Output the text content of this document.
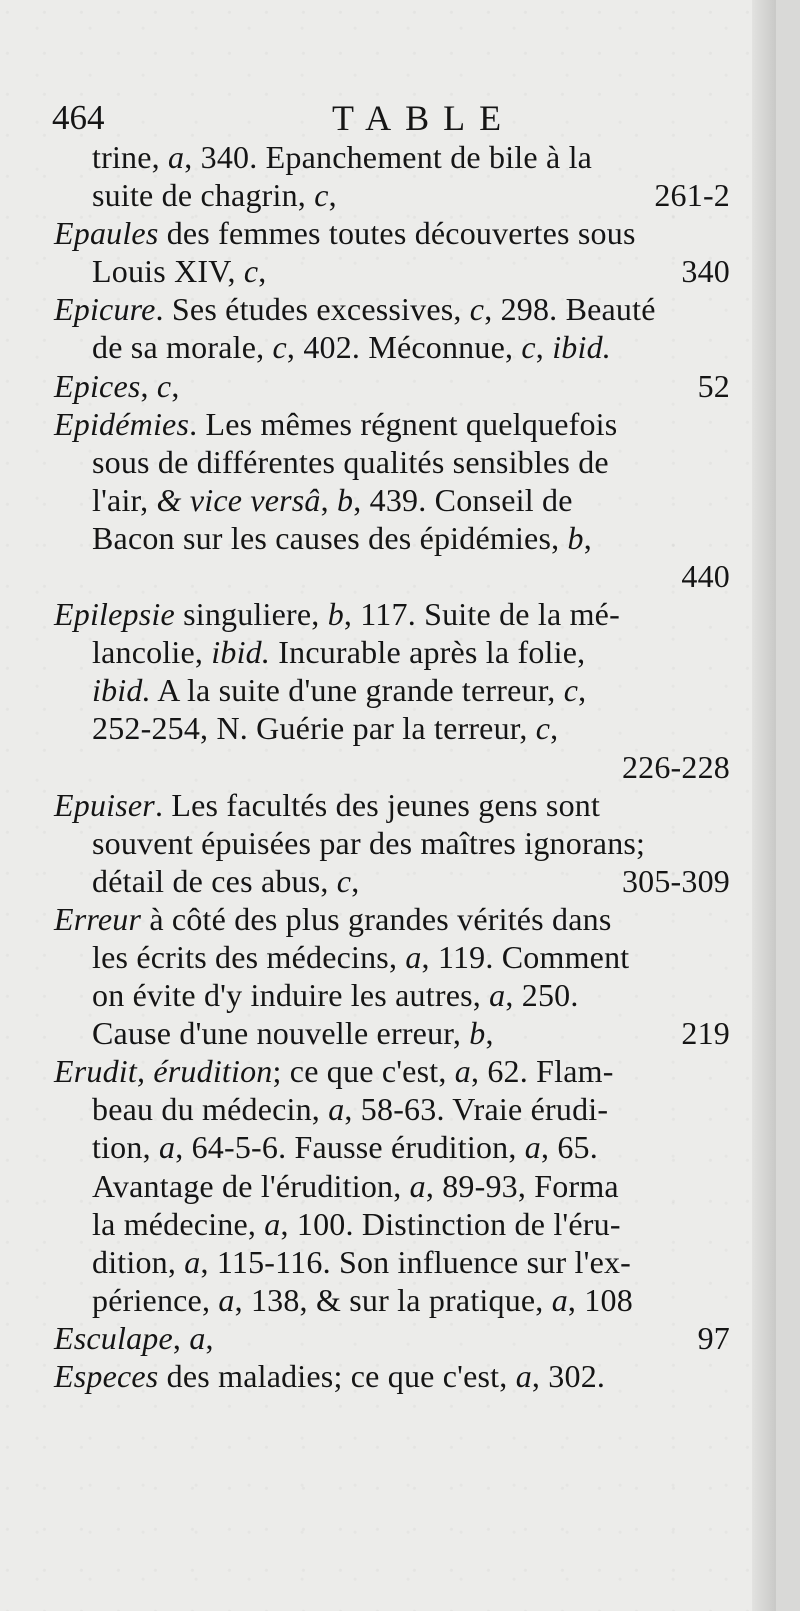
464	TABLE
trine, a, 340. Epanchement de bile à la
suite de chagrin, c,	261-2
Epaules des femmes toutes découvertes sous
Louis XIV, c,	340
Epicure. Ses études excessives, c, 298. Beauté
de sa morale, c, 402. Méconnue, c, ibid.
Epices, c,	52
Epidémies. Les mêmes régnent quelquefois
sous de différentes qualités sensibles de
l'air, & vice versâ, b, 439. Conseil de
Bacon sur les causes des épidémies, b,
440
Epilepsie singuliere, b, 117. Suite de la mé-
lancolie, ibid. Incurable après la folie,
ibid. A la suite d'une grande terreur, c,
252-254, N. Guérie par la terreur, c,
226-228
Epuiser. Les facultés des jeunes gens sont
souvent épuisées par des maîtres ignorans;
détail de ces abus, c,	305-309
Erreur à côté des plus grandes vérités dans
les écrits des médecins, a, 119. Comment
on évite d'y induire les autres, a, 250.
Cause d'une nouvelle erreur, b,	219
Erudit, érudition; ce que c'est, a, 62. Flam-
beau du médecin, a, 58-63. Vraie érudi-
tion, a, 64-5-6. Fausse érudition, a, 65.
Avantage de l'érudition, a, 89-93, Forma
la médecine, a, 100. Distinction de l'éru-
dition, a, 115-116. Son influence sur l'ex-
périence, a, 138, & sur la pratique, a, 108
Esculape, a,	97
Especes des maladies; ce que c'est, a, 302.
